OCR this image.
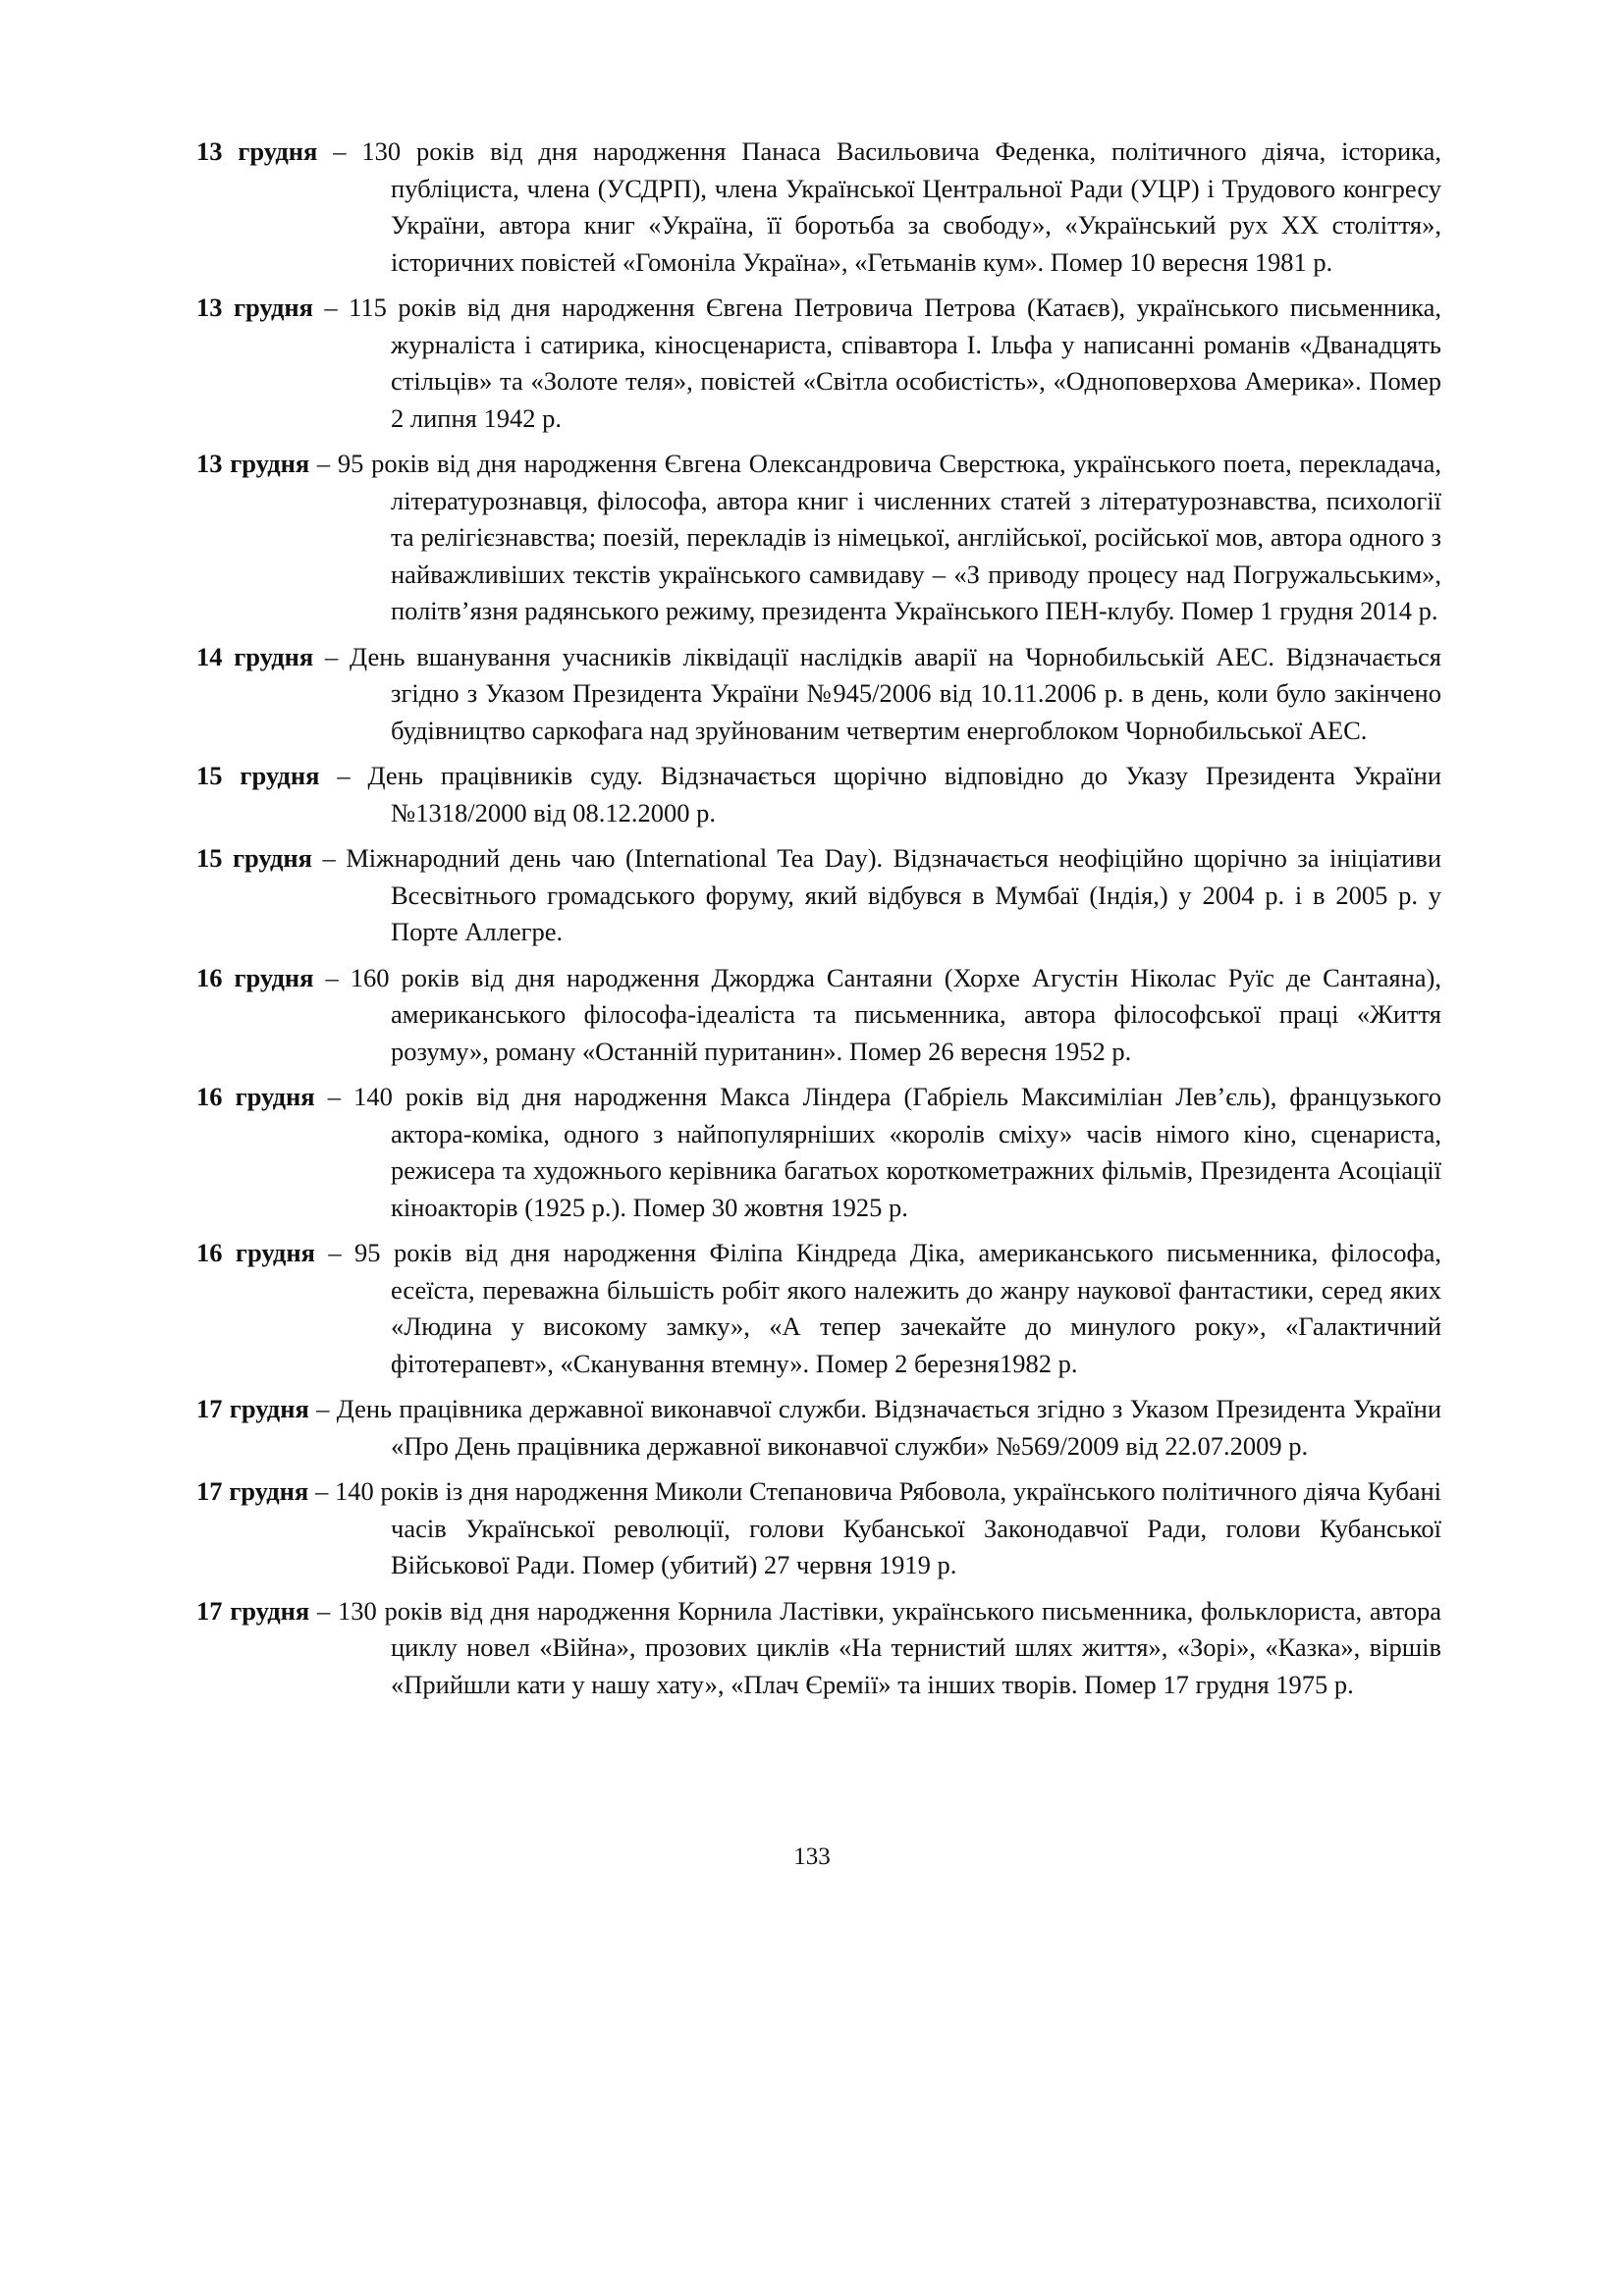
13 грудня – 130 років від дня народження Панаса Васильовича Феденка, політичного діяча, історика, публіциста, члена (УСДРП), члена Української Центральної Ради (УЦР) і Трудового конгресу України, автора книг «Україна, її боротьба за свободу», «Український рух ХХ століття», історичних повістей «Гомоніла Україна», «Гетьманів кум». Помер 10 вересня 1981 р.

13 грудня – 115 років від дня народження Євгена Петровича Петрова (Катаєв), українського письменника, журналіста і сатирика, кіносценариста, співавтора І. Ільфа у написанні романів «Дванадцять стільців» та «Золоте теля», повістей «Світла особистість», «Одноповерхова Америка». Помер 2 липня 1942 р.

13 грудня – 95 років від дня народження Євгена Олександровича Сверстюка, українського поета, перекладача, літературознавця, філософа, автора книг і численних статей з літературознавства, психології та релігієзнавства; поезій, перекладів із німецької, англійської, російської мов, автора одного з найважливіших текстів українського самвидаву – «З приводу процесу над Погружальським», політв’язня радянського режиму, президента Українського ПЕН-клубу. Помер 1 грудня 2014 р.

14 грудня – День вшанування учасників ліквідації наслідків аварії на Чорнобильській АЕС. Відзначається згідно з Указом Президента України №945/2006 від 10.11.2006 р. в день, коли було закінчено будівництво саркофага над зруйнованим четвертим енергоблоком Чорнобильської АЕС.

15 грудня – День працівників суду. Відзначається щорічно відповідно до Указу Президента України №1318/2000 від 08.12.2000 р.

15 грудня – Міжнародний день чаю (International Tea Day). Відзначається неофіційно щорічно за ініціативи Всесвітнього громадського форуму, який відбувся в Мумбаї (Індія,) у 2004 р. і в 2005 р. у Порте Аллегре.

16 грудня – 160 років від дня народження Джорджа Сантаяни (Хорхе Агустін Ніколас Руїс де Сантаяна), американського філософа-ідеаліста та письменника, автора філософської праці «Життя розуму», роману «Останній пуританин». Помер 26 вересня 1952 р.

16 грудня – 140 років від дня народження Макса Ліндера (Габріель Максиміліан Лев’єль), французького актора-коміка, одного з найпопулярніших «королів сміху» часів німого кіно, сценариста, режисера та художнього керівника багатьох короткометражних фільмів, Президента Асоціації кіноакторів (1925 р.). Помер 30 жовтня 1925 р.

16 грудня – 95 років від дня народження Філіпа Кіндреда Діка, американського письменника, філософа, есеїста, переважна більшість робіт якого належить до жанру наукової фантастики, серед яких «Людина у високому замку», «А тепер зачекайте до минулого року», «Галактичний фітотерапевт», «Сканування втемну». Помер 2 березня1982 р.

17 грудня – День працівника державної виконавчої служби. Відзначається згідно з Указом Президента України «Про День працівника державної виконавчої служби» №569/2009 від 22.07.2009 р.

17 грудня – 140 років із дня народження Миколи Степановича Рябовола, українського політичного діяча Кубані часів Української революції, голови Кубанської Законодавчої Ради, голови Кубанської Військової Ради. Помер (убитий) 27 червня 1919 р.

17 грудня – 130 років від дня народження Корнила Ластівки, українського письменника, фольклориста, автора циклу новел «Війна», прозових циклів «На тернистий шлях життя», «Зорі», «Казка», віршів «Прийшли кати у нашу хату», «Плач Єремії» та інших творів. Помер 17 грудня 1975 р.

133
